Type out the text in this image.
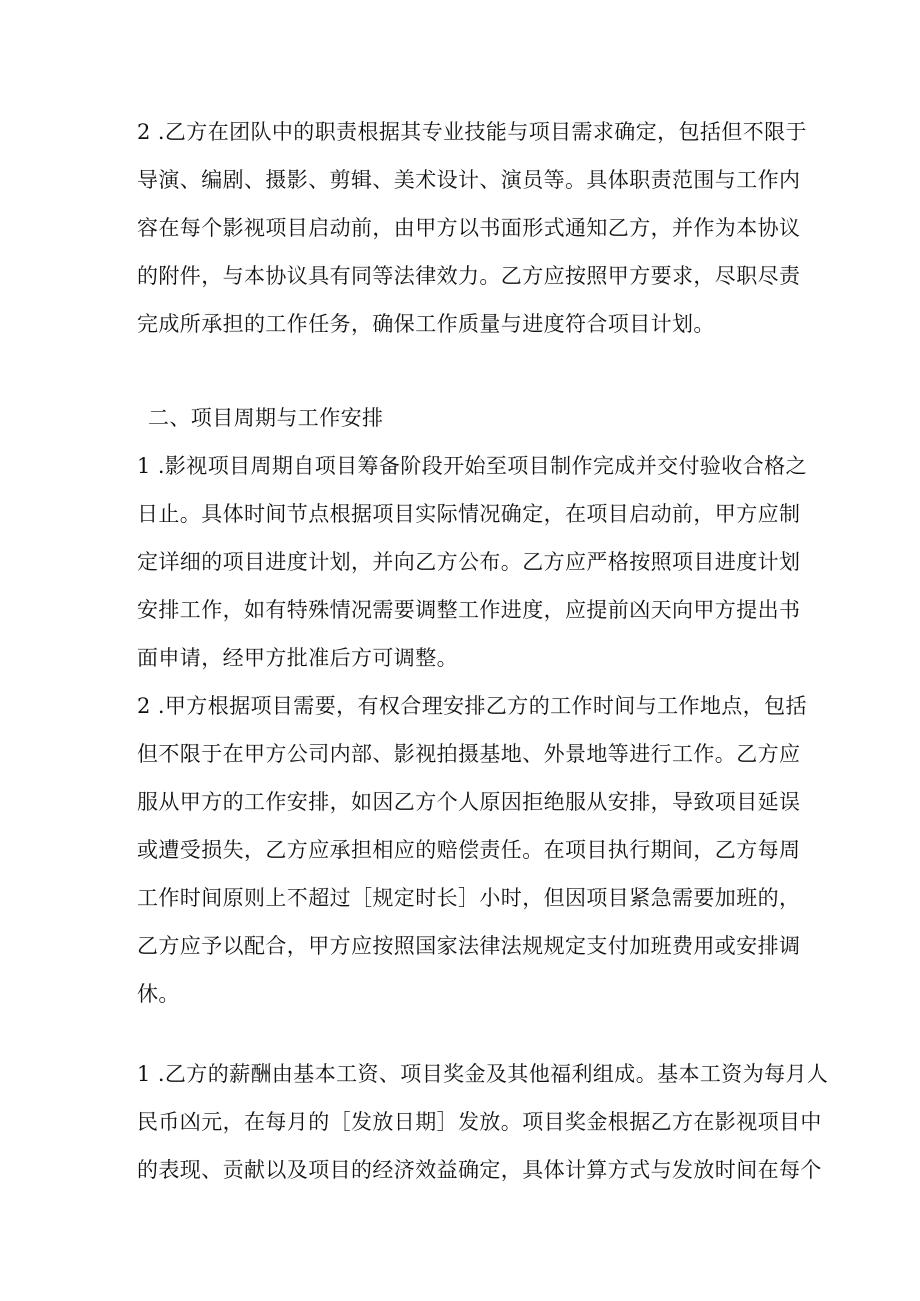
2 .乙方在团队中的职责根据其专业技能与项目需求确定，包括但不限于
导演、编剧、摄影、剪辑、美术设计、演员等。具体职责范围与工作内
容在每个影视项目启动前，由甲方以书面形式通知乙方，并作为本协议
的附件，与本协议具有同等法律效力。乙方应按照甲方要求，尽职尽责
完成所承担的工作任务，确保工作质量与进度符合项目计划。
二、项目周期与工作安排
1 .影视项目周期自项目筹备阶段开始至项目制作完成并交付验收合格之
日止。具体时间节点根据项目实际情况确定，在项目启动前，甲方应制
定详细的项目进度计划，并向乙方公布。乙方应严格按照项目进度计划
安排工作，如有特殊情况需要调整工作进度，应提前凶天向甲方提出书
面申请，经甲方批准后方可调整。
2 .甲方根据项目需要，有权合理安排乙方的工作时间与工作地点，包括
但不限于在甲方公司内部、影视拍摄基地、外景地等进行工作。乙方应
服从甲方的工作安排，如因乙方个人原因拒绝服从安排，导致项目延误
或遭受损失，乙方应承担相应的赔偿责任。在项目执行期间，乙方每周
工作时间原则上不超过［规定时长］小时，但因项目紧急需要加班的，
乙方应予以配合，甲方应按照国家法律法规规定支付加班费用或安排调
休。
1 .乙方的薪酬由基本工资、项目奖金及其他福利组成。基本工资为每月人
民币凶元，在每月的［发放日期］发放。项目奖金根据乙方在影视项目中
的表现、贡献以及项目的经济效益确定，具体计算方式与发放时间在每个
